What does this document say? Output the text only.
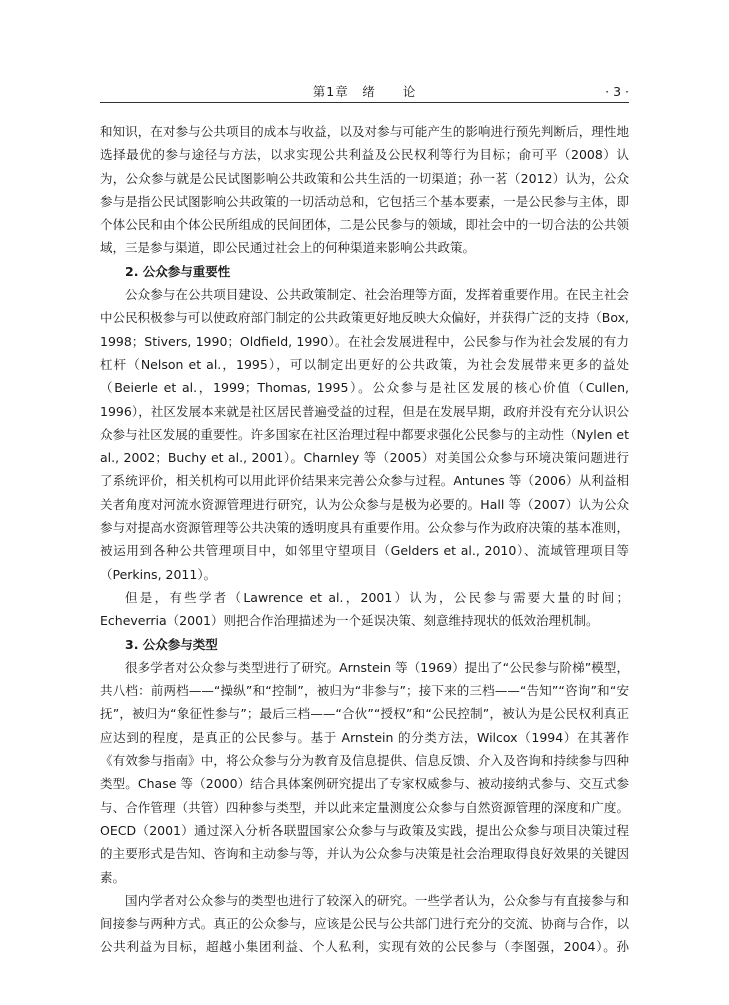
第1章　绪　　论	· 3 ·

和知识，在对参与公共项目的成本与收益，以及对参与可能产生的影响进行预先判断后，理性地选择最优的参与途径与方法，以求实现公共利益及公民权利等行为目标；俞可平（2008）认为，公众参与就是公民试图影响公共政策和公共生活的一切渠道；孙一茗（2012）认为，公众参与是指公民试图影响公共政策的一切活动总和，它包括三个基本要素，一是公民参与主体，即个体公民和由个体公民所组成的民间团体，二是公民参与的领域，即社会中的一切合法的公共领域，三是参与渠道，即公民通过社会上的何种渠道来影响公共政策。

2. 公众参与重要性

公众参与在公共项目建设、公共政策制定、社会治理等方面，发挥着重要作用。在民主社会中公民积极参与可以使政府部门制定的公共政策更好地反映大众偏好，并获得广泛的支持（Box, 1998；Stivers, 1990；Oldfield, 1990）。在社会发展进程中，公民参与作为社会发展的有力杠杆（Nelson et al.，1995），可以制定出更好的公共政策，为社会发展带来更多的益处（Beierle et al.，1999；Thomas, 1995）。公众参与是社区发展的核心价值（Cullen, 1996），社区发展本来就是社区居民普遍受益的过程，但是在发展早期，政府并没有充分认识公众参与社区发展的重要性。许多国家在社区治理过程中都要求强化公民参与的主动性（Nylen et al., 2002；Buchy et al., 2001）。Charnley 等（2005）对美国公众参与环境决策问题进行了系统评价，相关机构可以用此评价结果来完善公众参与过程。Antunes 等（2006）从利益相关者角度对河流水资源管理进行研究，认为公众参与是极为必要的。Hall 等（2007）认为公众参与对提高水资源管理等公共决策的透明度具有重要作用。公众参与作为政府决策的基本准则，被运用到各种公共管理项目中，如邻里守望项目（Gelders et al., 2010）、流域管理项目等（Perkins, 2011）。

但是，有些学者（Lawrence et al.，2001）认为，公民参与需要大量的时间；Echeverria（2001）则把合作治理描述为一个延误决策、刻意维持现状的低效治理机制。

3. 公众参与类型

很多学者对公众参与类型进行了研究。Arnstein 等（1969）提出了“公民参与阶梯”模型，共八档：前两档——“操纵”和“控制”，被归为“非参与”；接下来的三档——“告知”“咨询”和“安抚”，被归为“象征性参与”；最后三档——“合伙”“授权”和“公民控制”，被认为是公民权利真正应达到的程度，是真正的公民参与。基于 Arnstein 的分类方法，Wilcox（1994）在其著作《有效参与指南》中，将公众参与分为教育及信息提供、信息反馈、介入及咨询和持续参与四种类型。Chase 等（2000）结合具体案例研究提出了专家权威参与、被动接纳式参与、交互式参与、合作管理（共管）四种参与类型，并以此来定量测度公众参与自然资源管理的深度和广度。OECD（2001）通过深入分析各联盟国家公众参与与政策及实践，提出公众参与项目决策过程的主要形式是告知、咨询和主动参与等，并认为公众参与决策是社会治理取得良好效果的关键因素。

国内学者对公众参与的类型也进行了较深入的研究。一些学者认为，公众参与有直接参与和间接参与两种方式。真正的公众参与，应该是公民与公共部门进行充分的交流、协商与合作，以公共利益为目标，超越小集团利益、个人私利，实现有效的公民参与（李图强，2004）。孙
